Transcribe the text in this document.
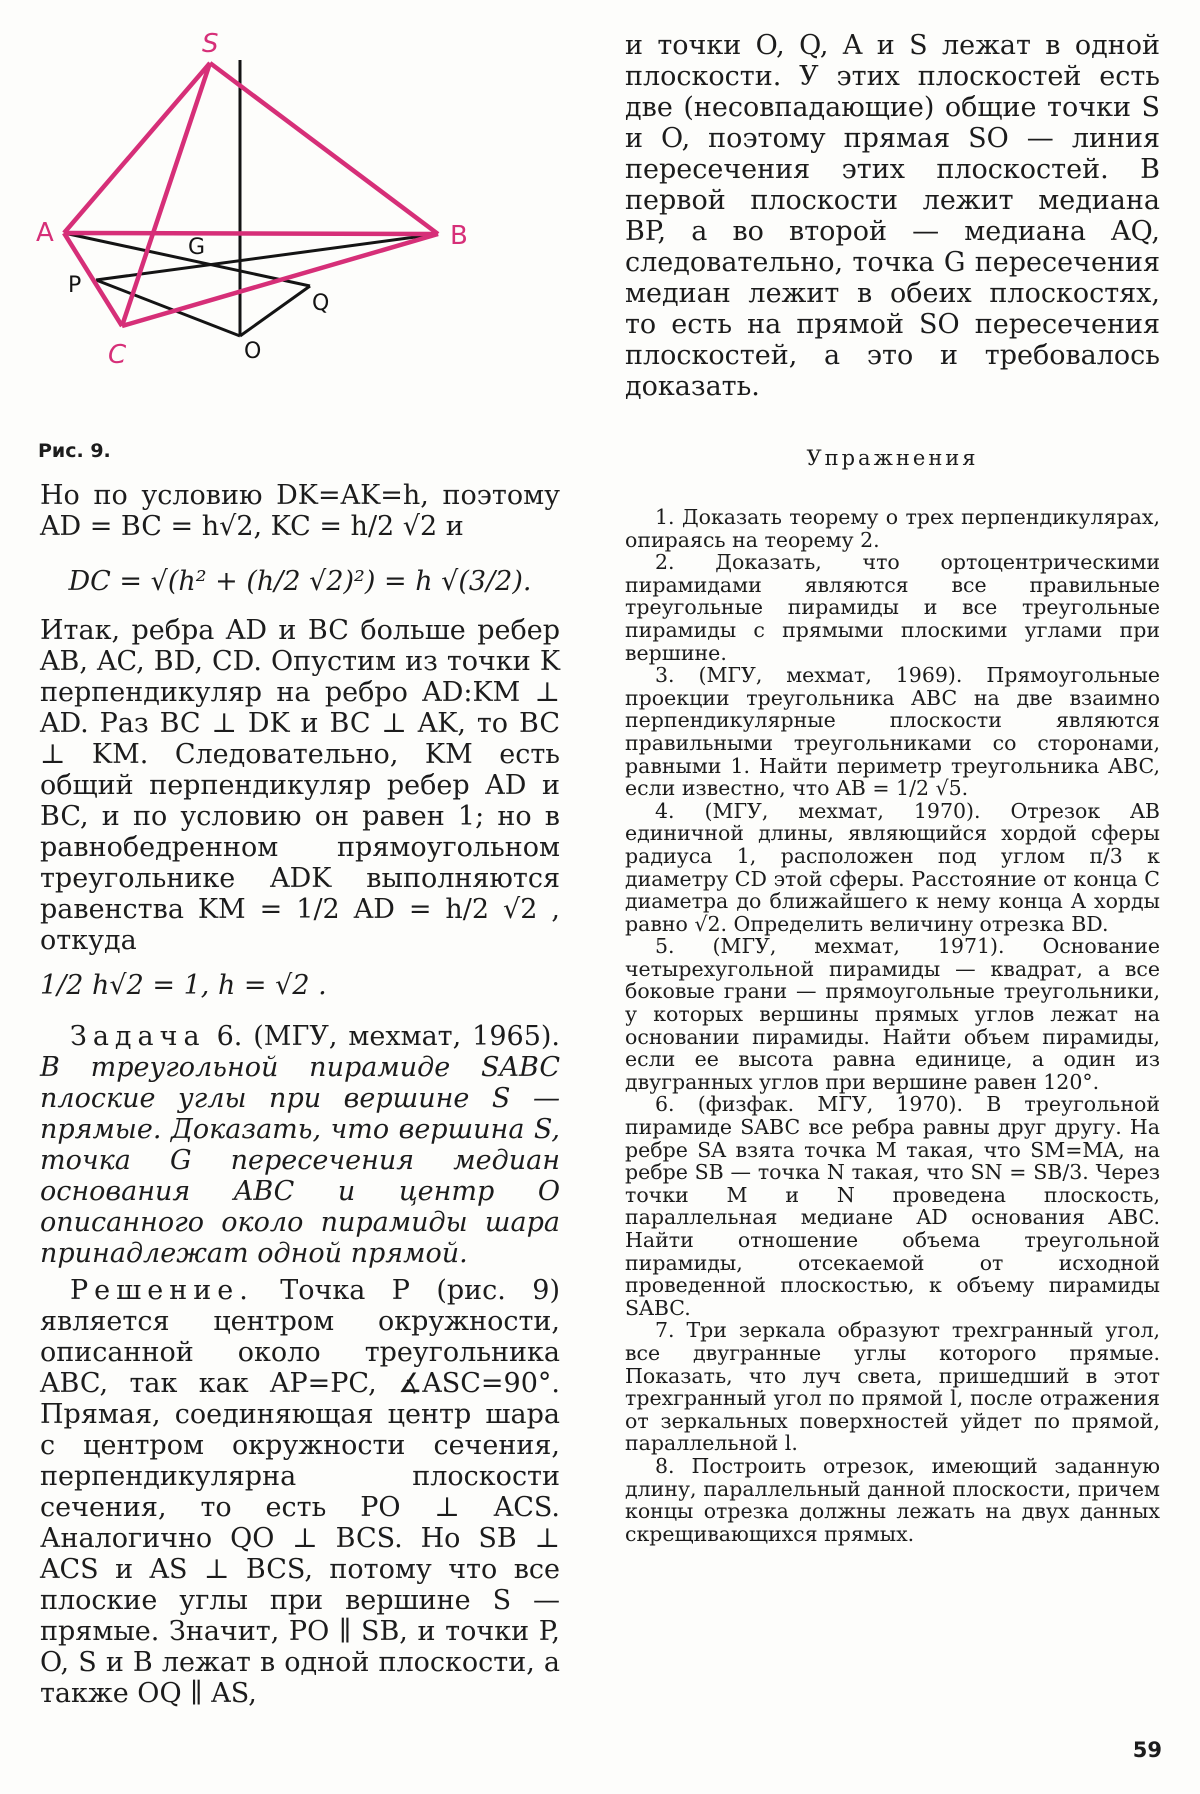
S
A	B
C
G
P
Q
O
Рис. 9.

Но по условию DK=AK=h, поэтому AD = BC = h√2, KC = h/2 √2 и

DC = √(h² + (h/2 √2)²) = h √(3/2).

Итак, ребра AD и BC больше ребер AB, AC, BD, CD. Опустим из точки K перпендикуляр на ребро AD:KM ⊥ AD. Раз BC ⊥ DK и BC ⊥ AK, то BC ⊥ KM. Следовательно, KM есть общий перпендикуляр ребер AD и BC, и по условию он равен 1; но в равнобедренном прямоугольном треугольнике ADK выполняются равенства KM = 1/2 AD = h/2 √2 , откуда

1/2 h√2 = 1, h = √2 .

Задача 6. (МГУ, мехмат, 1965). В треугольной пирамиде SABC плоские углы при вершине S — прямые. Доказать, что вершина S, точка G пересечения медиан основания ABC и центр O описанного около пирамиды шара принадлежат одной прямой.

Решение. Точка P (рис. 9) является центром окружности, описанной около треугольника ABC, так как AP=PC, ∡ASC=90°. Прямая, соединяющая центр шара с центром окружности сечения, перпендикулярна плоскости сечения, то есть PO ⊥ ACS. Аналогично QO ⊥ BCS. Но SB ⊥ ACS и AS ⊥ BCS, потому что все плоские углы при вершине S — прямые. Значит, PO ∥ SB, и точки P, O, S и B лежат в одной плоскости, а также OQ ∥ AS,

и точки O, Q, A и S лежат в одной плоскости. У этих плоскостей есть две (несовпадающие) общие точки S и O, поэтому прямая SO — линия пересечения этих плоскостей. В первой плоскости лежит медиана BP, а во второй — медиана AQ, следовательно, точка G пересечения медиан лежит в обеих плоскостях, то есть на прямой SO пересечения плоскостей, а это и требовалось доказать.

Упражнения

1. Доказать теорему о трех перпендикулярах, опираясь на теорему 2.

2. Доказать, что ортоцентрическими пирамидами являются все правильные треугольные пирамиды и все треугольные пирамиды с прямыми плоскими углами при вершине.

3. (МГУ, мехмат, 1969). Прямоугольные проекции треугольника ABC на две взаимно перпендикулярные плоскости являются правильными треугольниками со сторонами, равными 1. Найти периметр треугольника ABC, если известно, что AB = 1/2 √5.

4. (МГУ, мехмат, 1970). Отрезок AB единичной длины, являющийся хордой сферы радиуса 1, расположен под углом π/3 к диаметру CD этой сферы. Расстояние от конца C диаметра до ближайшего к нему конца A хорды равно √2. Определить величину отрезка BD.

5. (МГУ, мехмат, 1971). Основание четырехугольной пирамиды — квадрат, а все боковые грани — прямоугольные треугольники, у которых вершины прямых углов лежат на основании пирамиды. Найти объем пирамиды, если ее высота равна единице, а один из двугранных углов при вершине равен 120°.

6. (физфак. МГУ, 1970). В треугольной пирамиде SABC все ребра равны друг другу. На ребре SA взята точка M такая, что SM=MA, на ребре SB — точка N такая, что SN = SB/3. Через точки M и N проведена плоскость, параллельная медиане AD основания ABC. Найти отношение объема треугольной пирамиды, отсекаемой от исходной проведенной плоскостью, к объему пирамиды SABC.

7. Три зеркала образуют трехгранный угол, все двугранные углы которого прямые. Показать, что луч света, пришедший в этот трехгранный угол по прямой l, после отражения от зеркальных поверхностей уйдет по прямой, параллельной l.

8. Построить отрезок, имеющий заданную длину, параллельный данной плоскости, причем концы отрезка должны лежать на двух данных скрещивающихся прямых.

59
